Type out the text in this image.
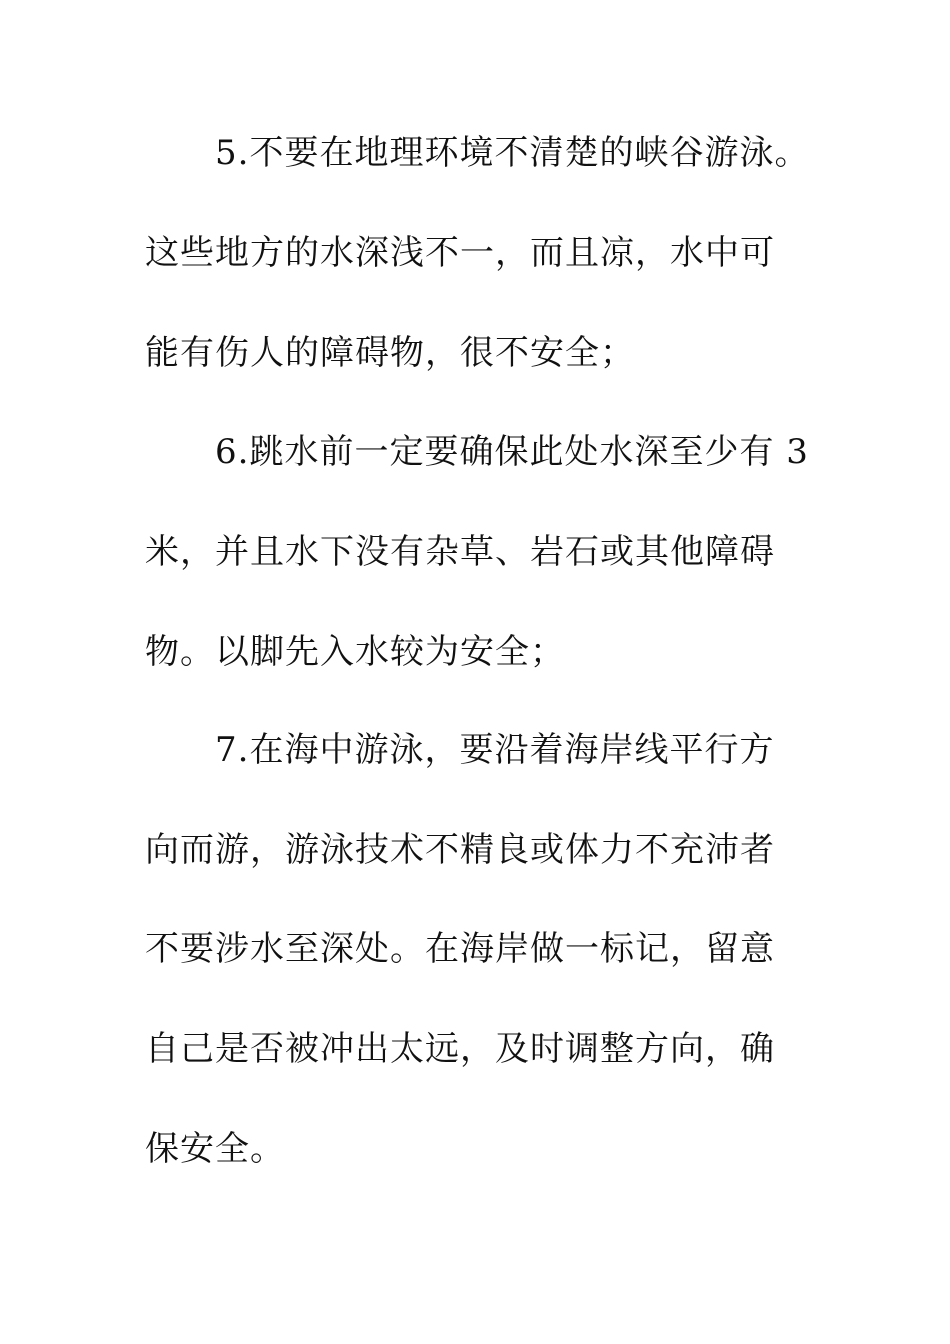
5.不要在地理环境不清楚的峡谷游泳。
这些地方的水深浅不一，而且凉，水中可
能有伤人的障碍物，很不安全；
6.跳水前一定要确保此处水深至少有 3
米，并且水下没有杂草、岩石或其他障碍
物。以脚先入水较为安全；
7.在海中游泳，要沿着海岸线平行方
向而游，游泳技术不精良或体力不充沛者
不要涉水至深处。在海岸做一标记，留意
自己是否被冲出太远，及时调整方向，确
保安全。
